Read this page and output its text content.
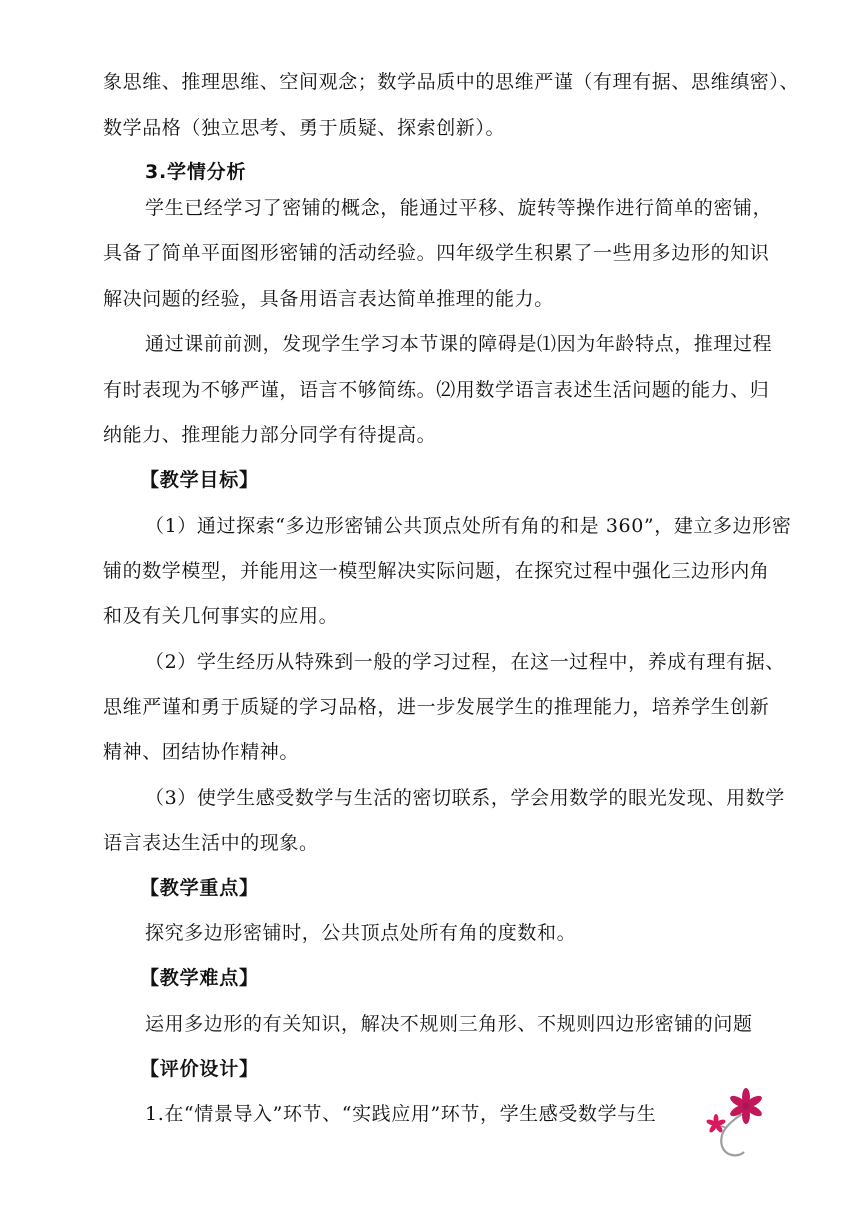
象思维、推理思维、空间观念；数学品质中的思维严谨（有理有据、思维缜密）、
数学品格（独立思考、勇于质疑、探索创新）。
3.学情分析
学生已经学习了密铺的概念，能通过平移、旋转等操作进行简单的密铺，
具备了简单平面图形密铺的活动经验。四年级学生积累了一些用多边形的知识
解决问题的经验，具备用语言表达简单推理的能力。
通过课前前测，发现学生学习本节课的障碍是⑴因为年龄特点，推理过程
有时表现为不够严谨，语言不够简练。⑵用数学语言表述生活问题的能力、归
纳能力、推理能力部分同学有待提高。
【教学目标】
（1）通过探索“多边形密铺公共顶点处所有角的和是 360”，建立多边形密
铺的数学模型，并能用这一模型解决实际问题，在探究过程中强化三边形内角
和及有关几何事实的应用。
（2）学生经历从特殊到一般的学习过程，在这一过程中，养成有理有据、
思维严谨和勇于质疑的学习品格，进一步发展学生的推理能力，培养学生创新
精神、团结协作精神。
（3）使学生感受数学与生活的密切联系，学会用数学的眼光发现、用数学
语言表达生活中的现象。
【教学重点】
探究多边形密铺时，公共顶点处所有角的度数和。
【教学难点】
运用多边形的有关知识，解决不规则三角形、不规则四边形密铺的问题
【评价设计】
1.在“情景导入”环节、“实践应用”环节，学生感受数学与生
